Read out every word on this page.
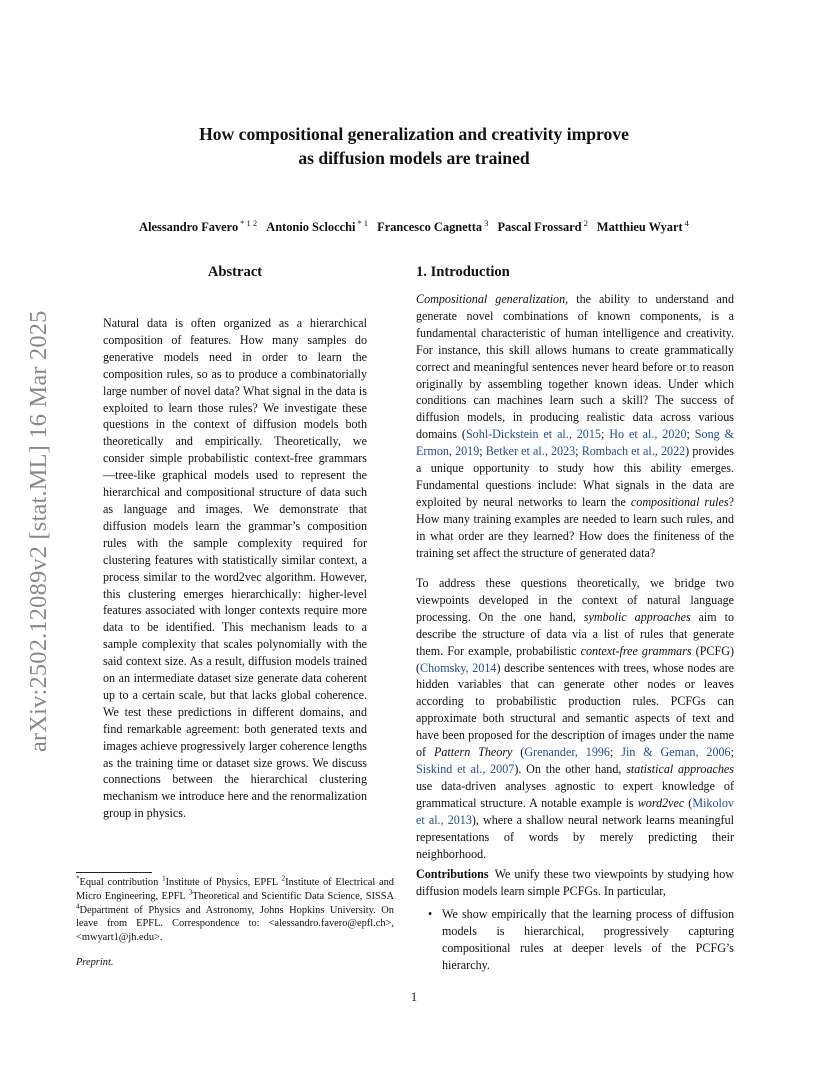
arXiv:2502.12089v2 [stat.ML] 16 Mar 2025
How compositional generalization and creativity improve
as diffusion models are trained
Alessandro Favero $^{* 1 2}$ Antonio Sclocchi $^{* 1}$ Francesco Cagnetta $^3$ Pascal Frossard $^2$ Matthieu Wyart $^4$
Abstract

Natural data is often organized as a hierarchical composition of features. How many samples do generative models need in order to learn the composition rules, so as to produce a combinatorially large number of novel data? What signal in the data is exploited to learn those rules? We investigate these questions in the context of diffusion models both theoretically and empirically. Theoretically, we consider simple probabilistic context-free grammars—tree-like graphical models used to represent the hierarchical and compositional structure of data such as language and images. We demonstrate that diffusion models learn the grammar’s composition rules with the sample complexity required for clustering features with statistically similar context, a process similar to the word2vec algorithm. However, this clustering emerges hierarchically: higher-level features associated with longer contexts require more data to be identified. This mechanism leads to a sample complexity that scales polynomially with the said context size. As a result, diffusion models trained on an intermediate dataset size generate data coherent up to a certain scale, but that lacks global coherence. We test these predictions in different domains, and find remarkable agreement: both generated texts and images achieve progressively larger coherence lengths as the training time or dataset size grows. We discuss connections between the hierarchical clustering mechanism we introduce here and the renormalization group in physics.

1. Introduction

Compositional generalization, the ability to understand and generate novel combinations of known components, is a fundamental characteristic of human intelligence and creativity. For instance, this skill allows humans to create grammatically correct and meaningful sentences never heard before or to reason originally by assembling together known ideas. Under which conditions can machines learn such a skill? The success of diffusion models, in producing realistic data across various domains (Sohl-Dickstein et al., 2015; Ho et al., 2020; Song & Ermon, 2019; Betker et al., 2023; Rombach et al., 2022) provides a unique opportunity to study how this ability emerges. Fundamental questions include: What signals in the data are exploited by neural networks to learn the compositional rules? How many training examples are needed to learn such rules, and in what order are they learned? How does the finiteness of the training set affect the structure of generated data?

To address these questions theoretically, we bridge two viewpoints developed in the context of natural language processing. On the one hand, symbolic approaches aim to describe the structure of data via a list of rules that generate them. For example, probabilistic context-free grammars (PCFG) (Chomsky, 2014) describe sentences with trees, whose nodes are hidden variables that can generate other nodes or leaves according to probabilistic production rules. PCFGs can approximate both structural and semantic aspects of text and have been proposed for the description of images under the name of Pattern Theory (Grenander, 1996; Jin & Geman, 2006; Siskind et al., 2007). On the other hand, statistical approaches use data-driven analyses agnostic to expert knowledge of grammatical structure. A notable example is word2vec (Mikolov et al., 2013), where a shallow neural network learns meaningful representations of words by merely predicting their neighborhood.

Contributions We unify these two viewpoints by studying how diffusion models learn simple PCFGs. In particular,

• We show empirically that the learning process of diffusion models is hierarchical, progressively capturing compositional rules at deeper levels of the PCFG’s hierarchy.

*Equal contribution $^1$Institute of Physics, EPFL $^2$Institute of Electrical and Micro Engineering, EPFL $^3$Theoretical and Scientific Data Science, SISSA $^4$Department of Physics and Astronomy, Johns Hopkins University. On leave from EPFL. Correspondence to: <alessandro.favero@epfl.ch>, <mwyart1@jh.edu>.

Preprint.
1
